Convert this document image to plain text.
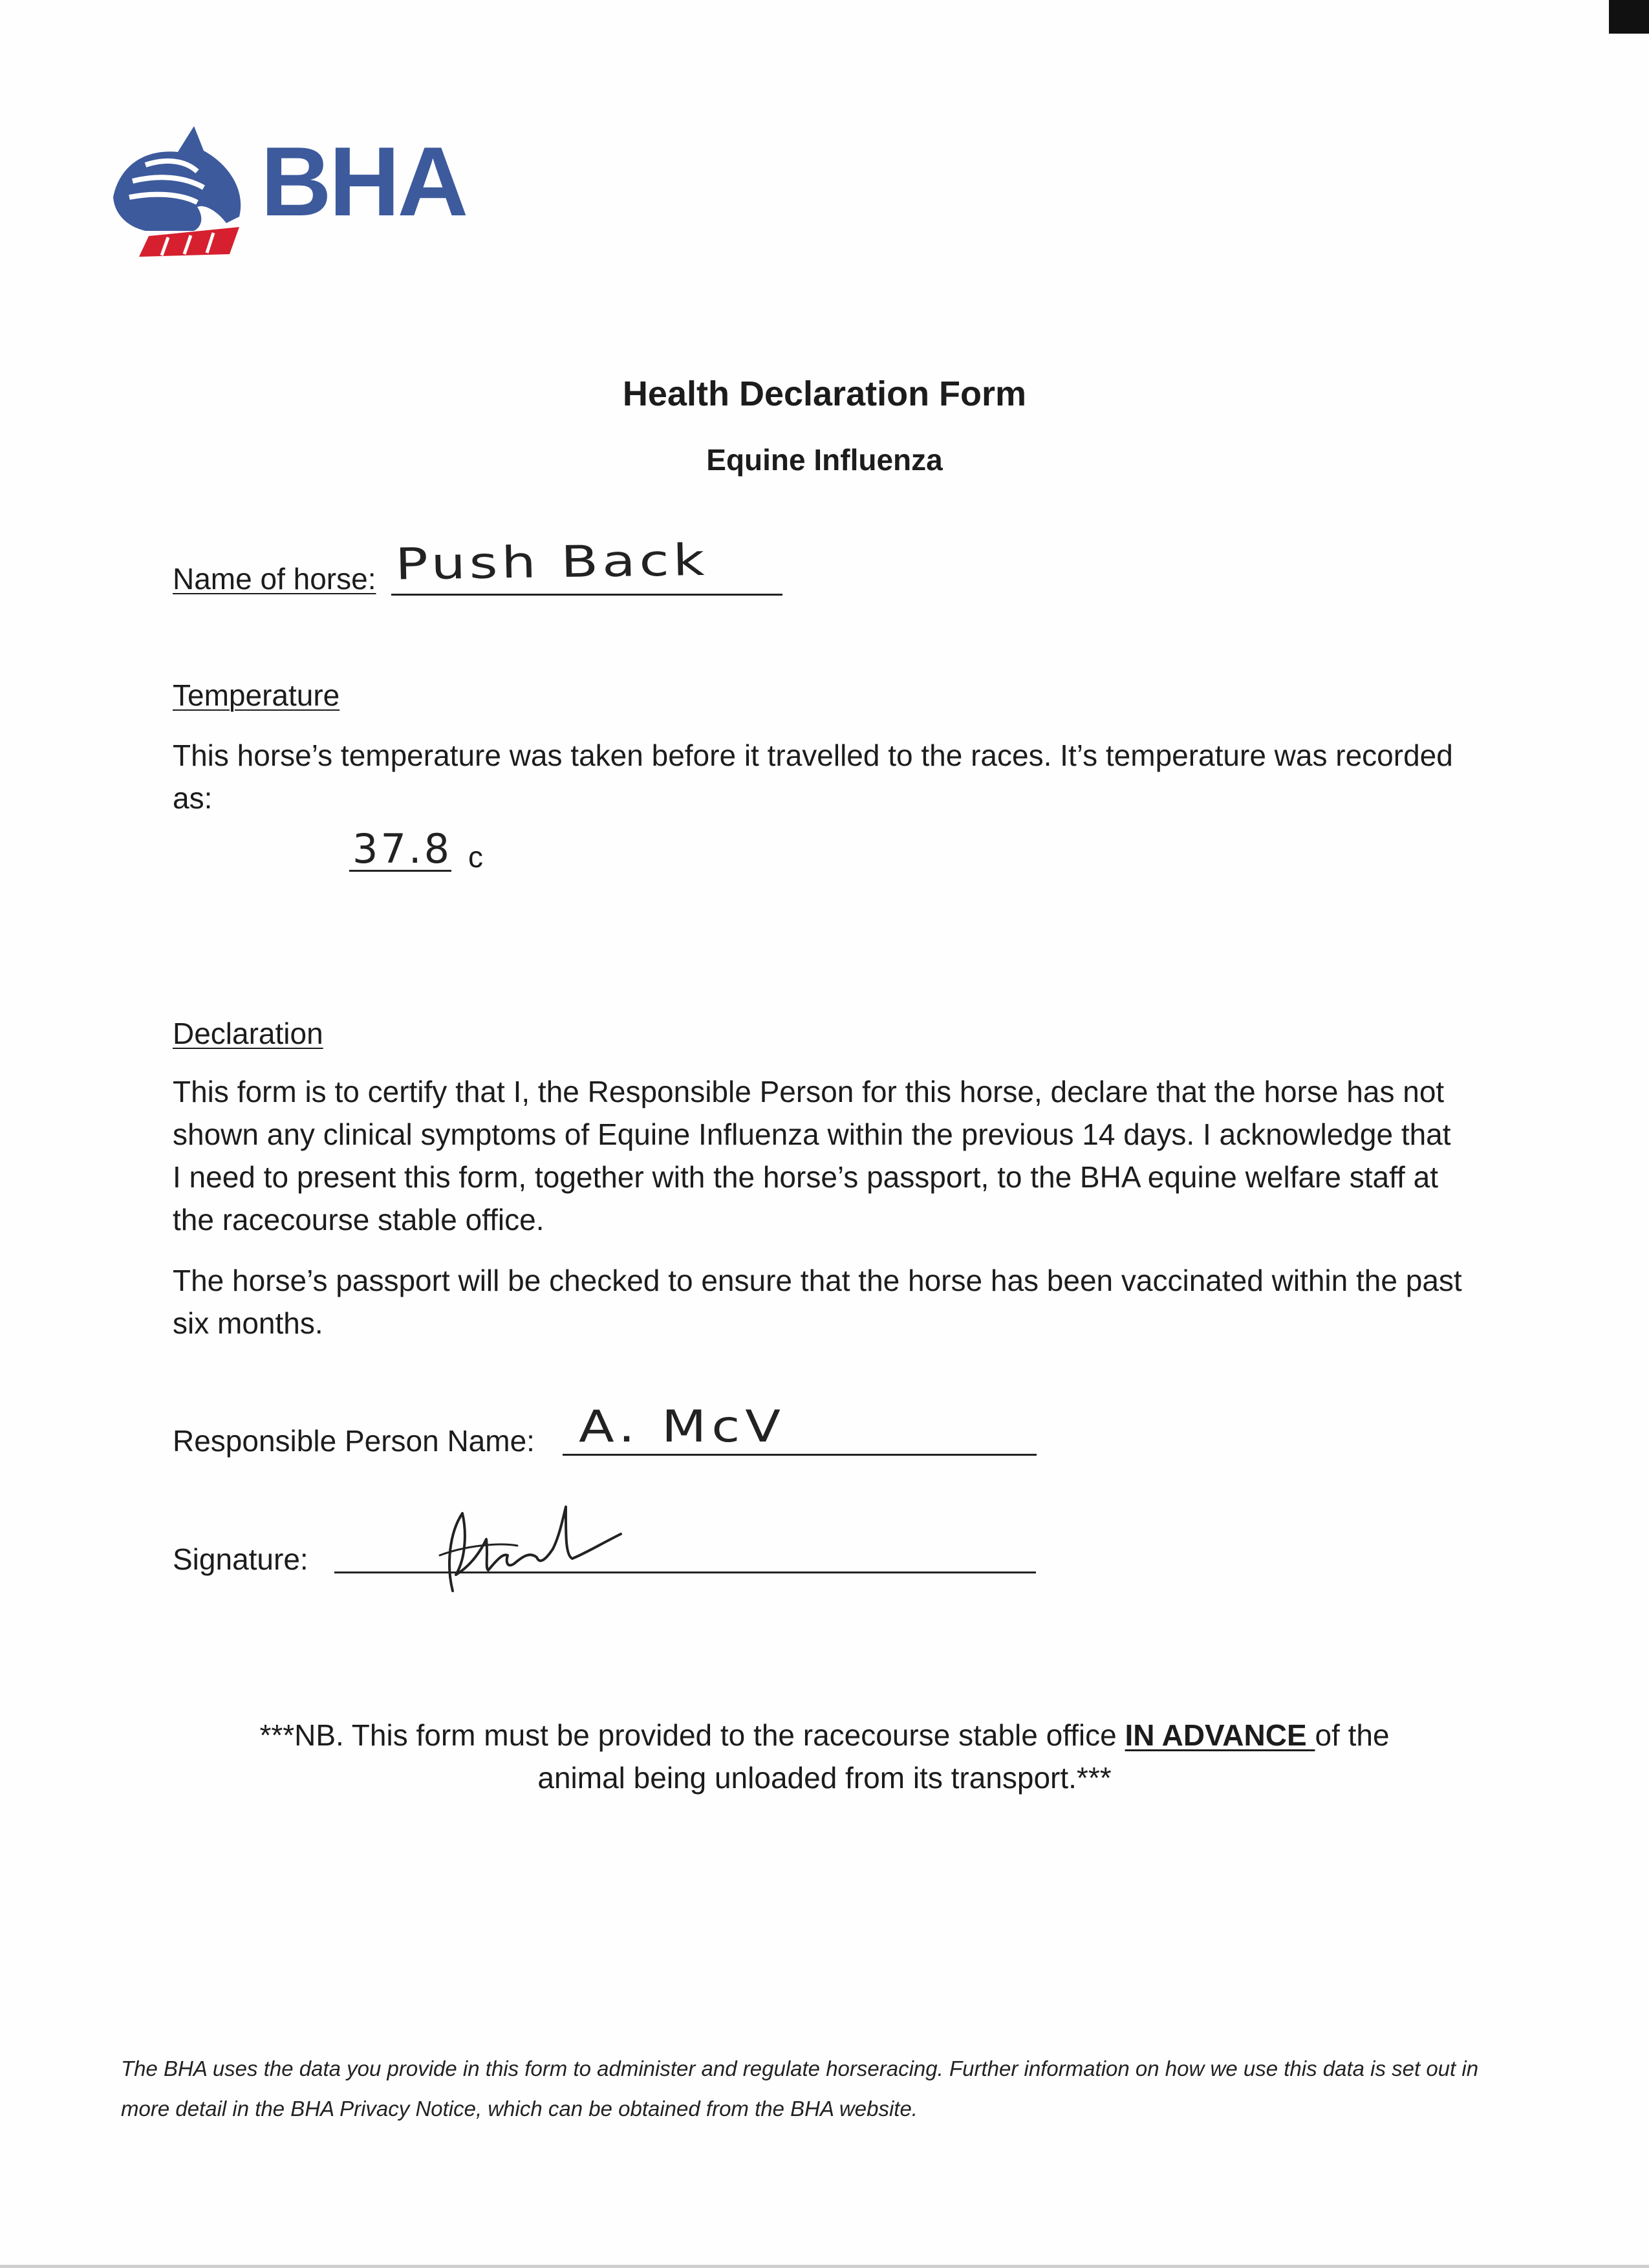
BHA
Health Declaration Form
Equine Influenza
Name of horse: Push Back
Temperature
This horse’s temperature was taken before it travelled to the races. It’s temperature was recorded as:
37.8 c
Declaration
This form is to certify that I, the Responsible Person for this horse, declare that the horse has not shown any clinical symptoms of Equine Influenza within the previous 14 days. I acknowledge that I need to present this form, together with the horse’s passport, to the BHA equine welfare staff at the racecourse stable office.
The horse’s passport will be checked to ensure that the horse has been vaccinated within the past six months.
Responsible Person Name: A. McV
Signature:
***NB. This form must be provided to the racecourse stable office IN ADVANCE of the
animal being unloaded from its transport.***
The BHA uses the data you provide in this form to administer and regulate horseracing. Further information on how we use this data is set out in more detail in the BHA Privacy Notice, which can be obtained from the BHA website.
